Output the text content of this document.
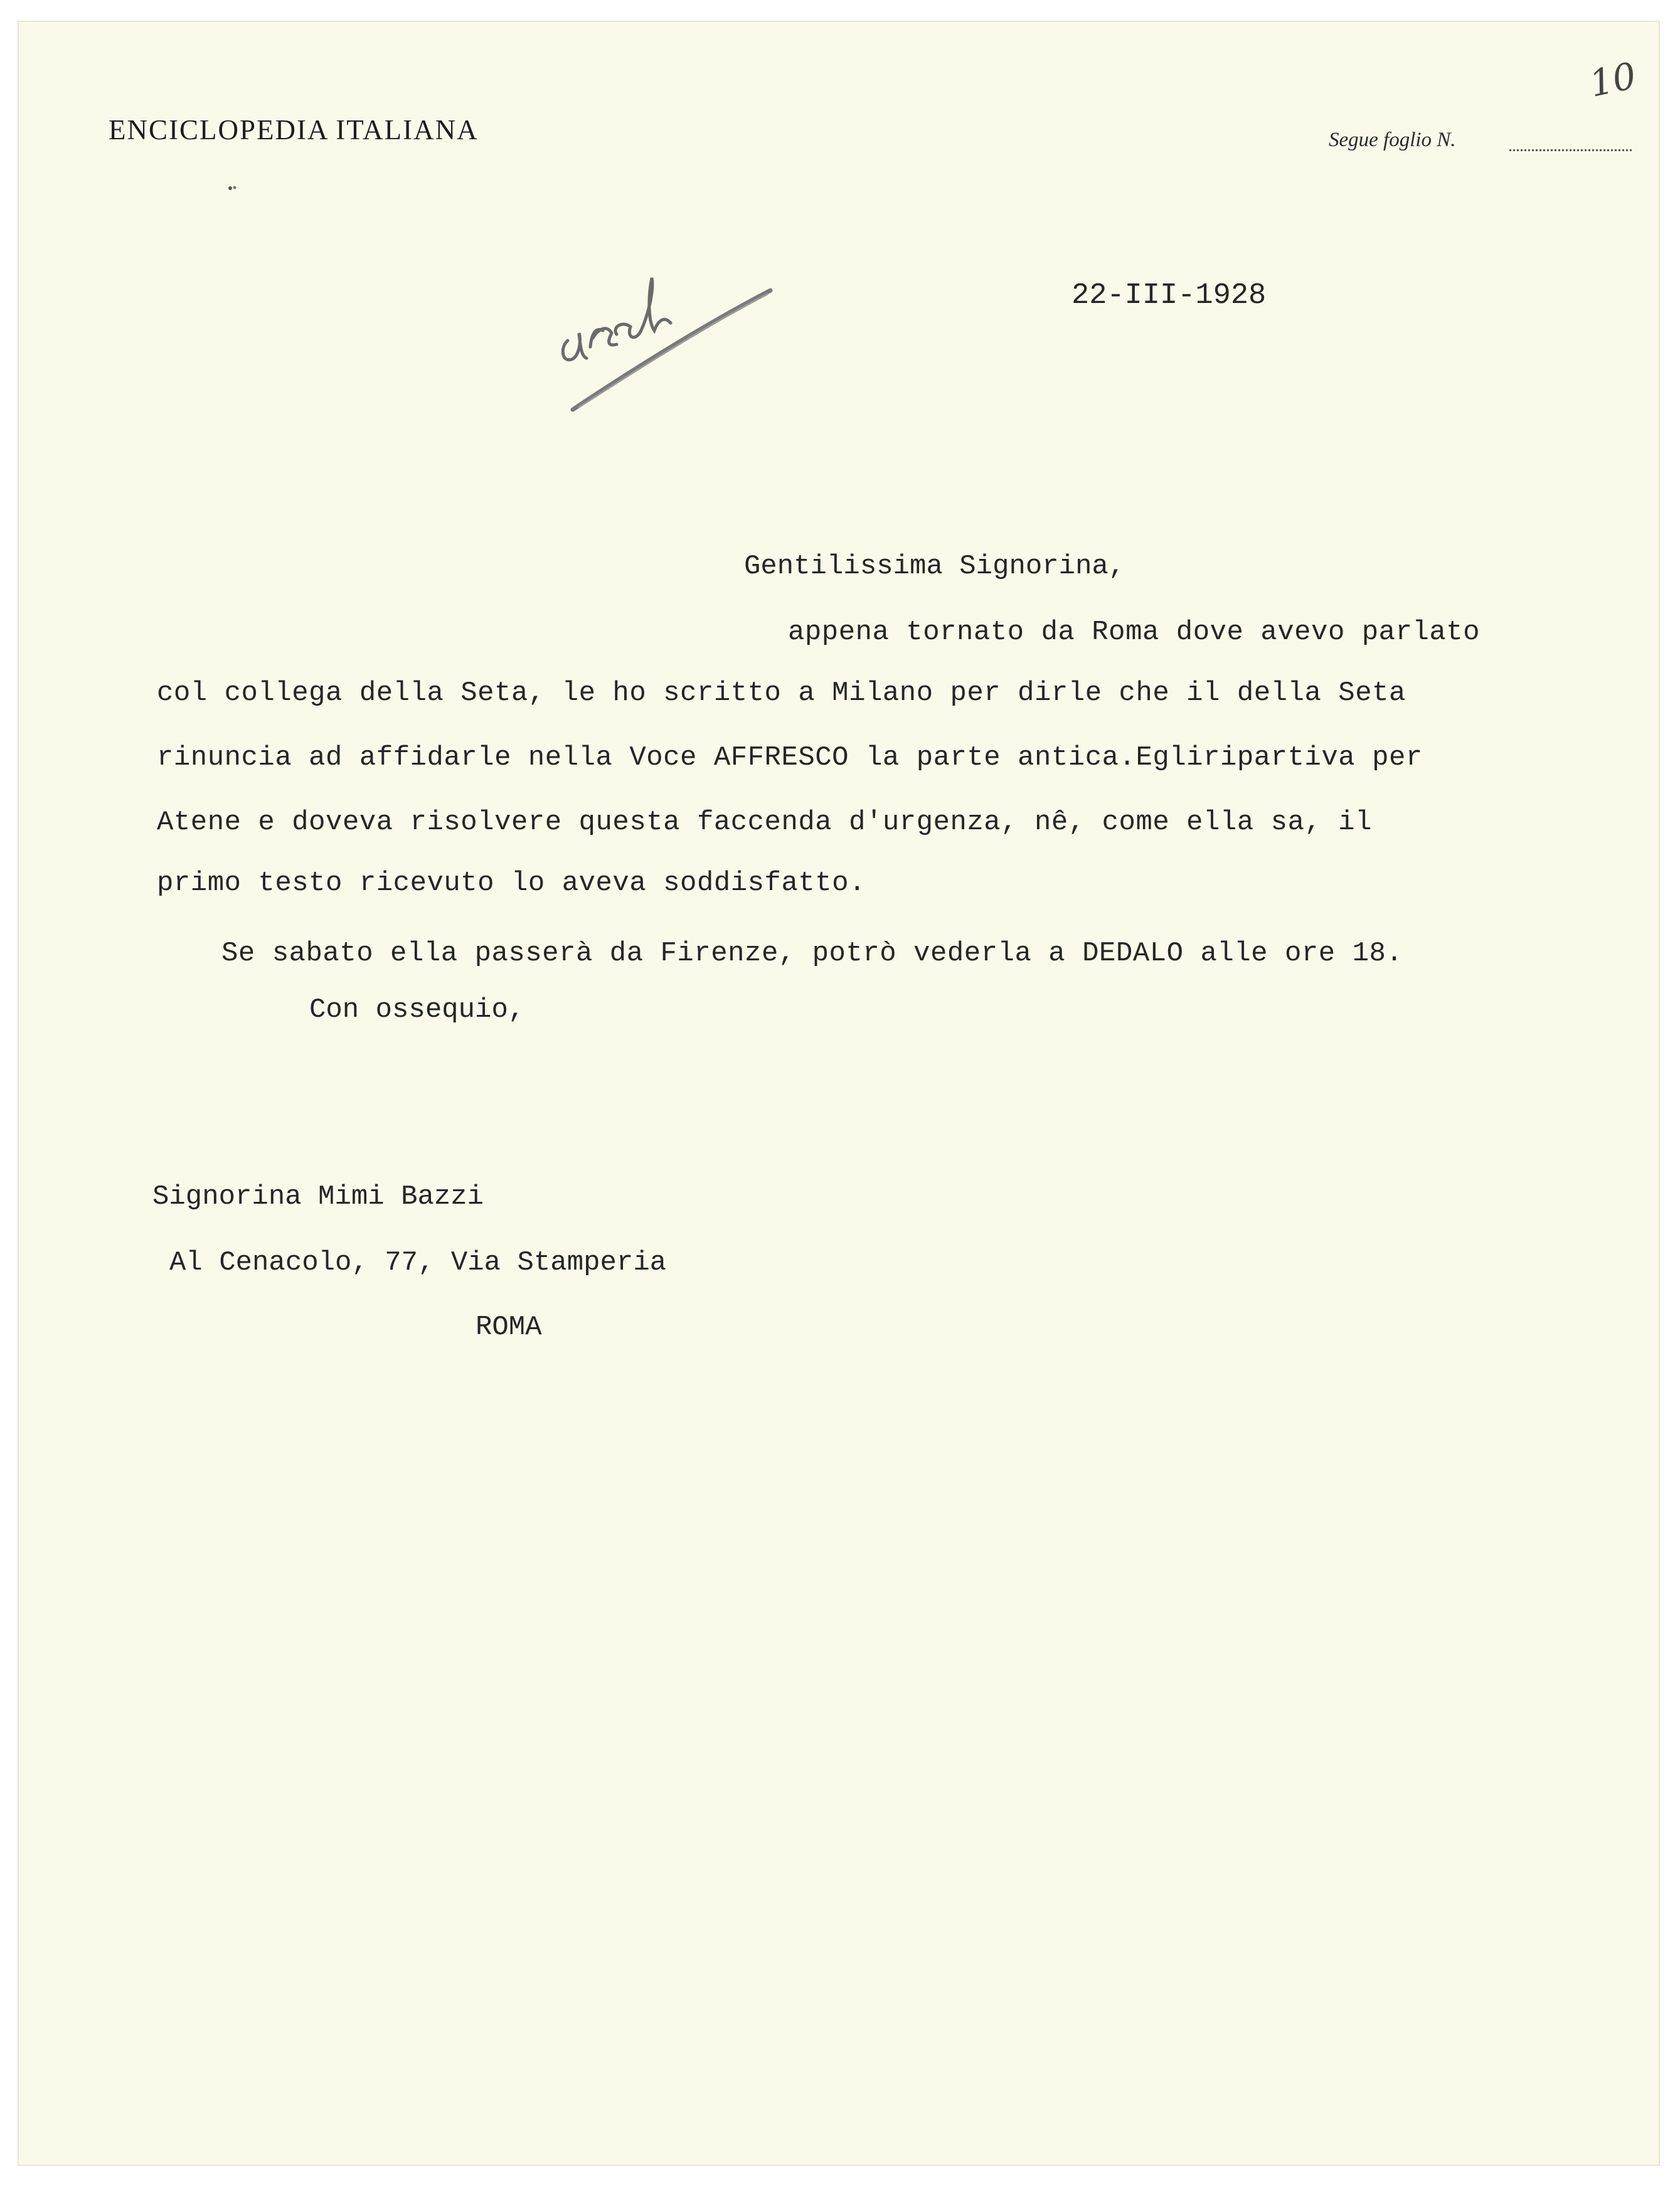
ENCICLOPEDIA ITALIANA	Segue foglio N.
10
22-III-1928
Gentilissima Signorina,
appena tornato da Roma dove avevo parlato
col collega della Seta, le ho scritto a Milano per dirle che il della Seta
rinuncia ad affidarle nella Voce AFFRESCO la parte antica.Egliripartiva per
Atene e doveva risolvere questa faccenda d'urgenza, nê, come ella sa, il
primo testo ricevuto lo aveva soddisfatto.
Se sabato ella passerà da Firenze, potrò vederla a DEDALO alle ore 18.
Con ossequio,
Signorina Mimi Bazzi
Al Cenacolo, 77, Via Stamperia
ROMA
